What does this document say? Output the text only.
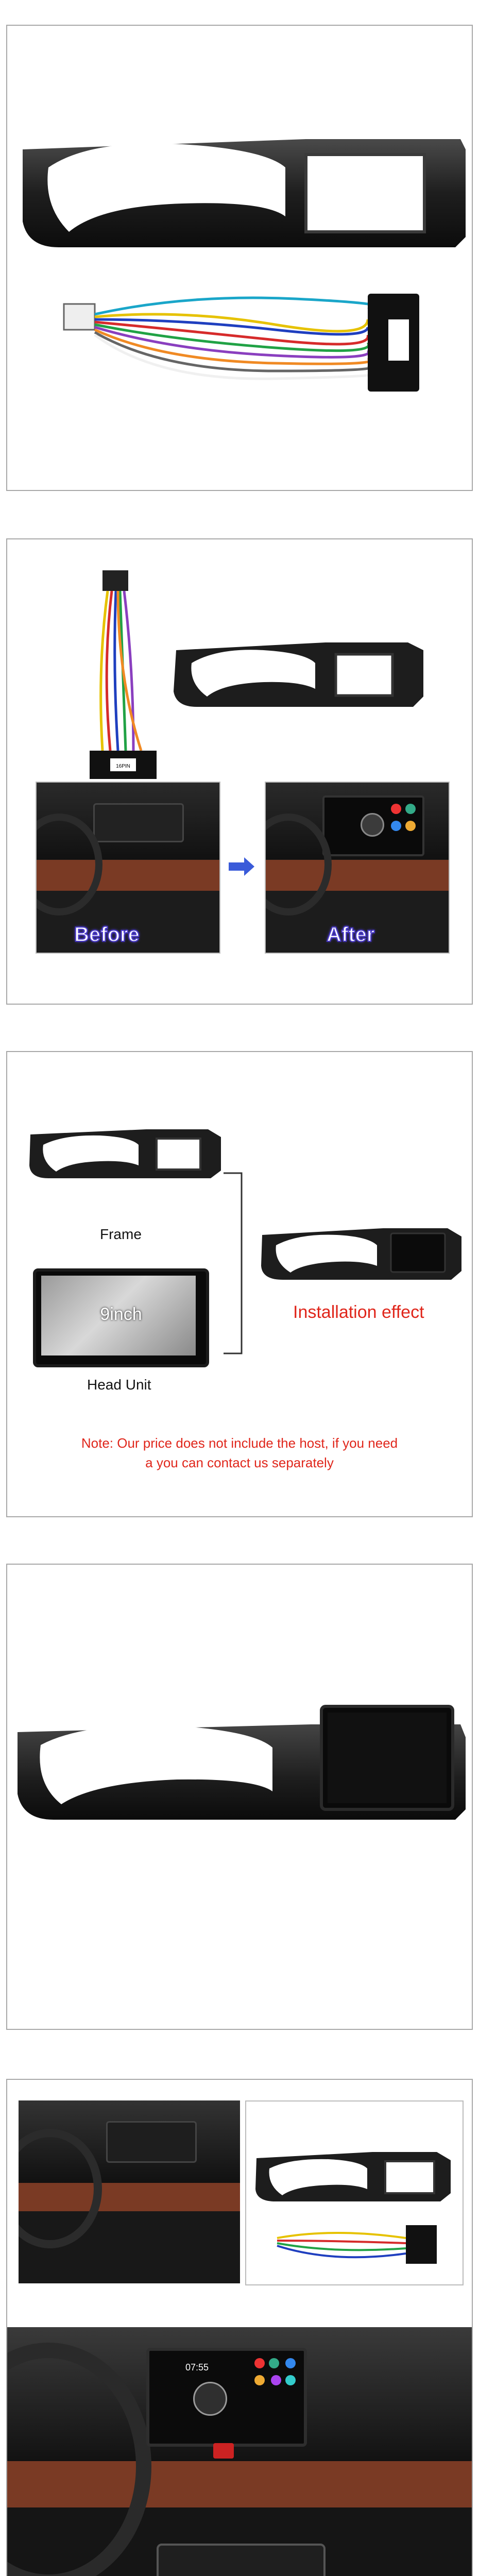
16PIN
Before
	After
Frame
9inch
Head Unit
Installation effect
Note: Our price does not include the host, if you need
a you can contact us separately
07:55
